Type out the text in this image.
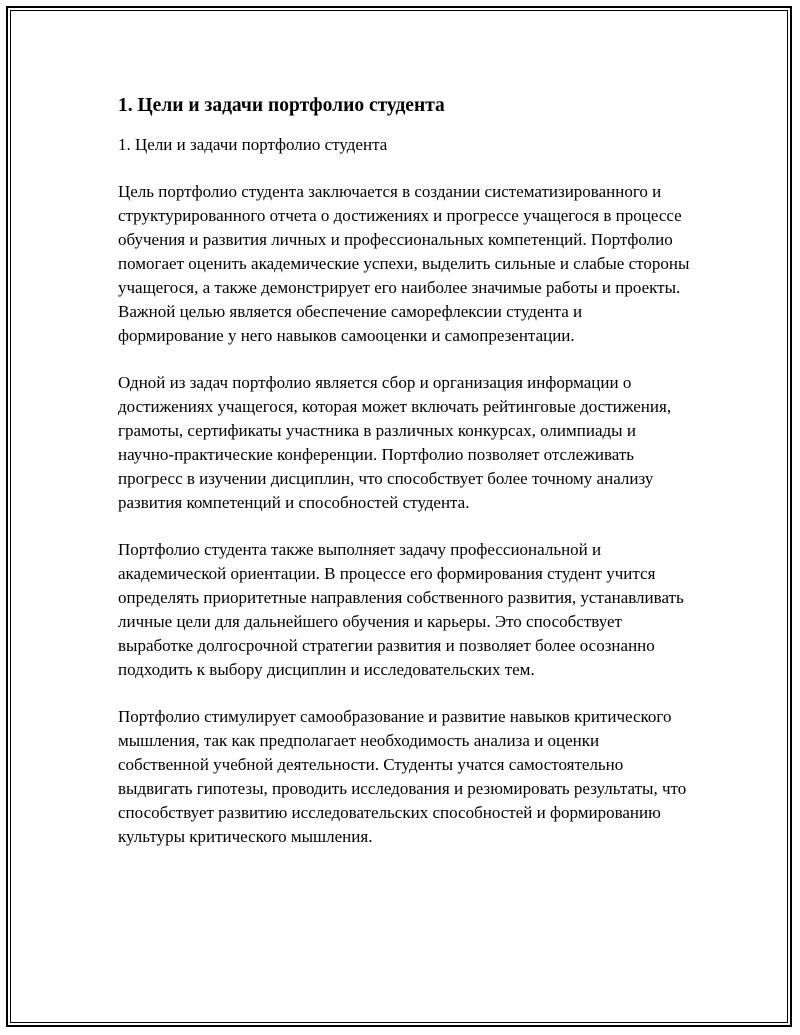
1. Цели и задачи портфолио студента

1. Цели и задачи портфолио студента

Цель портфолио студента заключается в создании систематизированного и структурированного отчета о достижениях и прогрессе учащегося в процессе обучения и развития личных и профессиональных компетенций. Портфолио помогает оценить академические успехи, выделить сильные и слабые стороны учащегося, а также демонстрирует его наиболее значимые работы и проекты. Важной целью является обеспечение саморефлексии студента и формирование у него навыков самооценки и самопрезентации.

Одной из задач портфолио является сбор и организация информации о достижениях учащегося, которая может включать рейтинговые достижения, грамоты, сертификаты участника в различных конкурсах, олимпиады и научно-практические конференции. Портфолио позволяет отслеживать прогресс в изучении дисциплин, что способствует более точному анализу развития компетенций и способностей студента.

Портфолио студента также выполняет задачу профессиональной и академической ориентации. В процессе его формирования студент учится определять приоритетные направления собственного развития, устанавливать личные цели для дальнейшего обучения и карьеры. Это способствует выработке долгосрочной стратегии развития и позволяет более осознанно подходить к выбору дисциплин и исследовательских тем.

Портфолио стимулирует самообразование и развитие навыков критического мышления, так как предполагает необходимость анализа и оценки собственной учебной деятельности. Студенты учатся самостоятельно выдвигать гипотезы, проводить исследования и резюмировать результаты, что способствует развитию исследовательских способностей и формированию культуры критического мышления.
